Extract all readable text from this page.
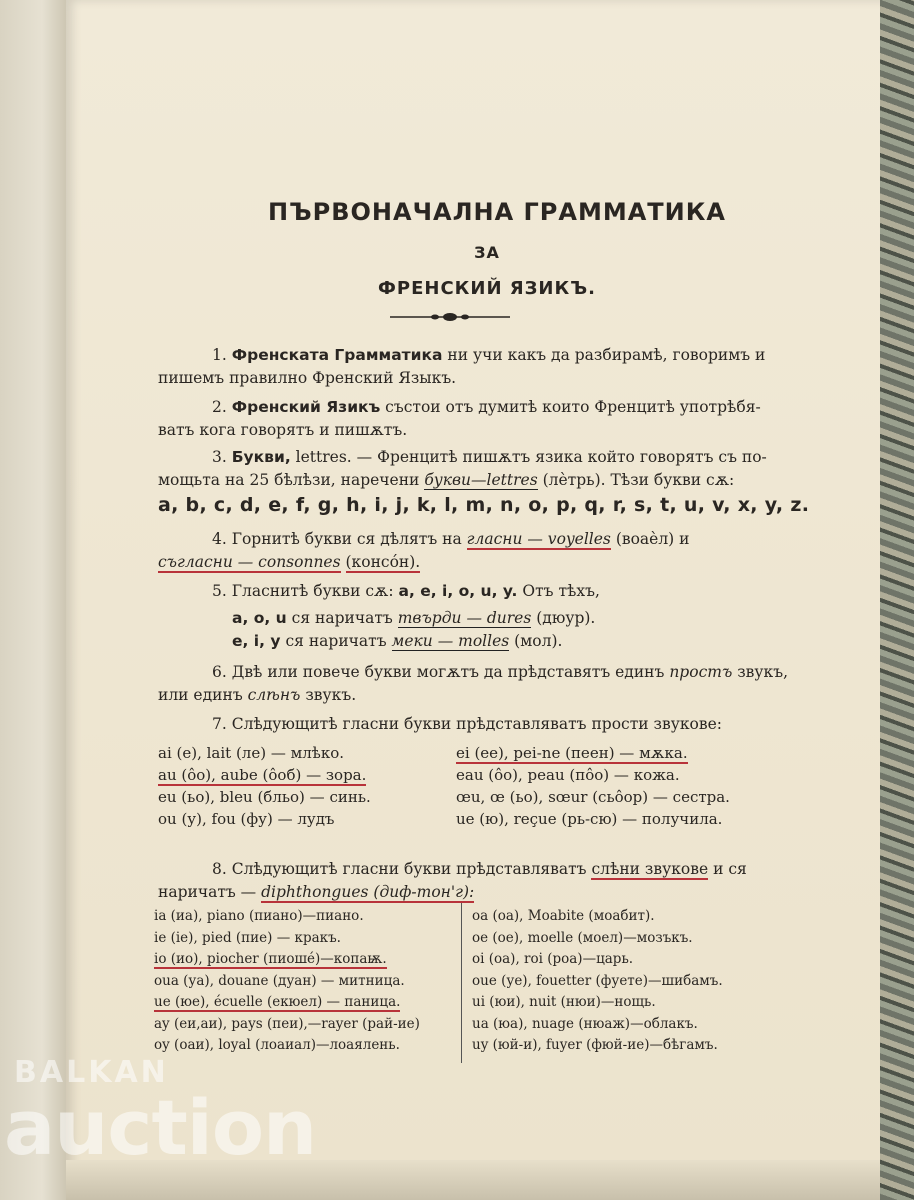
ПЪРВОНАЧАЛНА ГРАММАТИКА
ЗА
ФРЕНСКИЙ ЯЗИКЪ.
1. Френската Грамматика ни учи какъ да разбирамѣ, говоримъ и
пишемъ правилно Френский Языкъ.
2. Френский Язикъ състои отъ думитѣ които Френцитѣ употрѣбя-
ватъ кога говорятъ и пишѫтъ.
3. Букви, lettres. — Френцитѣ пишѫтъ язика който говорятъ съ по-
мощьта на 25 бѣлѣзи, наречени букви—lettres (лѐтрь). Тѣзи букви сѫ:
a, b, c, d, e, f, g, h, i, j, k, l, m, n, o, p, q, r, s, t, u, v, x, y, z.
4. Горнитѣ букви ся дѣлятъ на гласни — voyelles (воаѐл) и
съгласни — consonnes (консо́н).
5. Гласнитѣ букви сѫ: a, e, i, o, u, y. Отъ тѣхъ,
a, o, u ся наричатъ твърди — dures (дюур).
e, i, y ся наричатъ меки — molles (мол).
6. Двѣ или повече букви могѫтъ да прѣдставятъ единъ простъ звукъ,
или единъ слѣнъ звукъ.
7. Слѣдующитѣ гласни букви прѣдставляватъ прости звукове:
ai (е), lait (ле) — млѣко.
au (ôо), aube (ôоб) — зора.
eu (ьо), bleu (бльо) — синь.
ou (у), fou (фу) — лудъ
ei (ее), pei-ne (пеен) — мѫка.
eau (ôо), peau (пôо) — кожа.
œu, œ (ьо), sœur (сьôор) — сестра.
ue (ю), reçue (рь-сю) — получила.
8. Слѣдующитѣ гласни букви прѣдставляватъ слѣни звукове и ся
наричатъ — diphthongues (диф-тон'г):
ia (иа), piano (пиано)—пиано.
ie (ie), pied (пие) — кракъ.
io (ио), piocher (пиошé)—копаѭ.
oua (уа), douane (дуан) — митница.
ue (юе), écuelle (екюел) — паница.
ay (еи,аи), pays (пеи),—rayer (рай-ие)
oy (оаи), loyal (лоаиал)—лоаялень.
oa (оа), Moabite (моабит).
oe (ое), moelle (моел)—мозъкъ.
oi (оа), roi (роа)—царь.
oue (уе), fouetter (фуете)—шибамъ.
ui (юи), nuit (нюи)—нощь.
ua (юа), nuage (нюаж)—облакъ.
uy (юй-и), fuyer (фюй-ие)—бѣгамъ.
BALKAN
auction
